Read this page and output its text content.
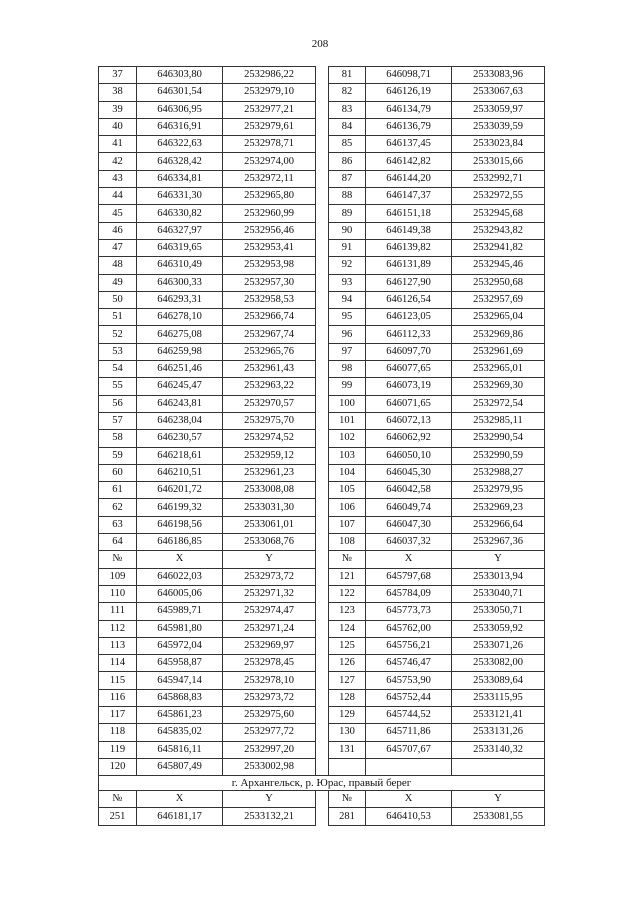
208
37	646303,80	2532986,22		81	646098,71	2533083,96
38	646301,54	2532979,10		82	646126,19	2533067,63
39	646306,95	2532977,21		83	646134,79	2533059,97
40	646316,91	2532979,61		84	646136,79	2533039,59
41	646322,63	2532978,71		85	646137,45	2533023,84
42	646328,42	2532974,00		86	646142,82	2533015,66
43	646334,81	2532972,11		87	646144,20	2532992,71
44	646331,30	2532965,80		88	646147,37	2532972,55
45	646330,82	2532960,99		89	646151,18	2532945,68
46	646327,97	2532956,46		90	646149,38	2532943,82
47	646319,65	2532953,41		91	646139,82	2532941,82
48	646310,49	2532953,98		92	646131,89	2532945,46
49	646300,33	2532957,30		93	646127,90	2532950,68
50	646293,31	2532958,53		94	646126,54	2532957,69
51	646278,10	2532966,74		95	646123,05	2532965,04
52	646275,08	2532967,74		96	646112,33	2532969,86
53	646259,98	2532965,76		97	646097,70	2532961,69
54	646251,46	2532961,43		98	646077,65	2532965,01
55	646245,47	2532963,22		99	646073,19	2532969,30
56	646243,81	2532970,57		100	646071,65	2532972,54
57	646238,04	2532975,70		101	646072,13	2532985,11
58	646230,57	2532974,52		102	646062,92	2532990,54
59	646218,61	2532959,12		103	646050,10	2532990,59
60	646210,51	2532961,23		104	646045,30	2532988,27
61	646201,72	2533008,08		105	646042,58	2532979,95
62	646199,32	2533031,30		106	646049,74	2532969,23
63	646198,56	2533061,01		107	646047,30	2532966,64
64	646186,85	2533068,76		108	646037,32	2532967,36
№	X	Y		№	X	Y
109	646022,03	2532973,72		121	645797,68	2533013,94
110	646005,06	2532971,32		122	645784,09	2533040,71
111	645989,71	2532974,47		123	645773,73	2533050,71
112	645981,80	2532971,24		124	645762,00	2533059,92
113	645972,04	2532969,97		125	645756,21	2533071,26
114	645958,87	2532978,45		126	645746,47	2533082,00
115	645947,14	2532978,10		127	645753,90	2533089,64
116	645868,83	2532973,72		128	645752,44	2533115,95
117	645861,23	2532975,60		129	645744,52	2533121,41
118	645835,02	2532977,72		130	645711,86	2533131,26
119	645816,11	2532997,20		131	645707,67	2533140,32
120	645807,49	2533002,98				
г. Архангельск, р. Юрас, правый берег						
№	X	Y		№	X	Y
251	646181,17	2533132,21		281	646410,53	2533081,55
